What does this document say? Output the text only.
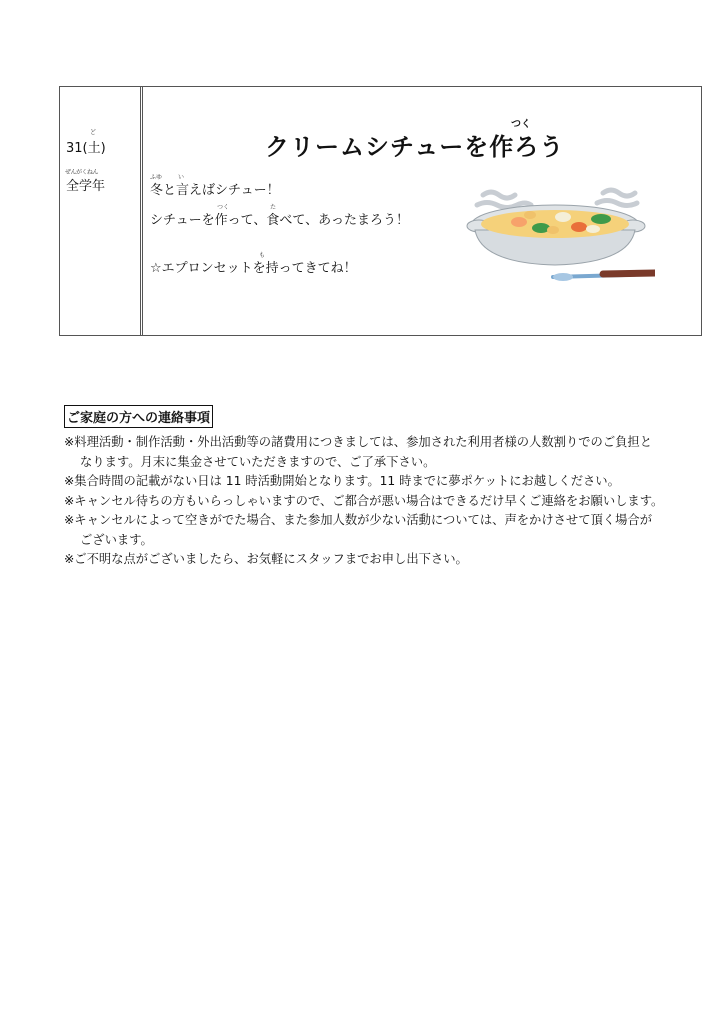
ど
31(土)
ぜんがくねん
全学年
つく
クリームシチューを作ろう
ふゆ	い
冬と言えばシチュー！
つく	た
シチューを作って、食べて、あったまろう！
も
☆エプロンセットを持ってきてね！
ご家庭の方への連絡事項
※料理活動・制作活動・外出活動等の諸費用につきましては、参加された利用者様の人数割りでのご負担と
なります。月末に集金させていただきますので、ご了承下さい。
※集合時間の記載がない日は 11 時活動開始となります。11 時までに夢ポケットにお越しください。
※キャンセル待ちの方もいらっしゃいますので、ご都合が悪い場合はできるだけ早くご連絡をお願いします。
※キャンセルによって空きがでた場合、また参加人数が少ない活動については、声をかけさせて頂く場合が
ございます。
※ご不明な点がございましたら、お気軽にスタッフまでお申し出下さい。
